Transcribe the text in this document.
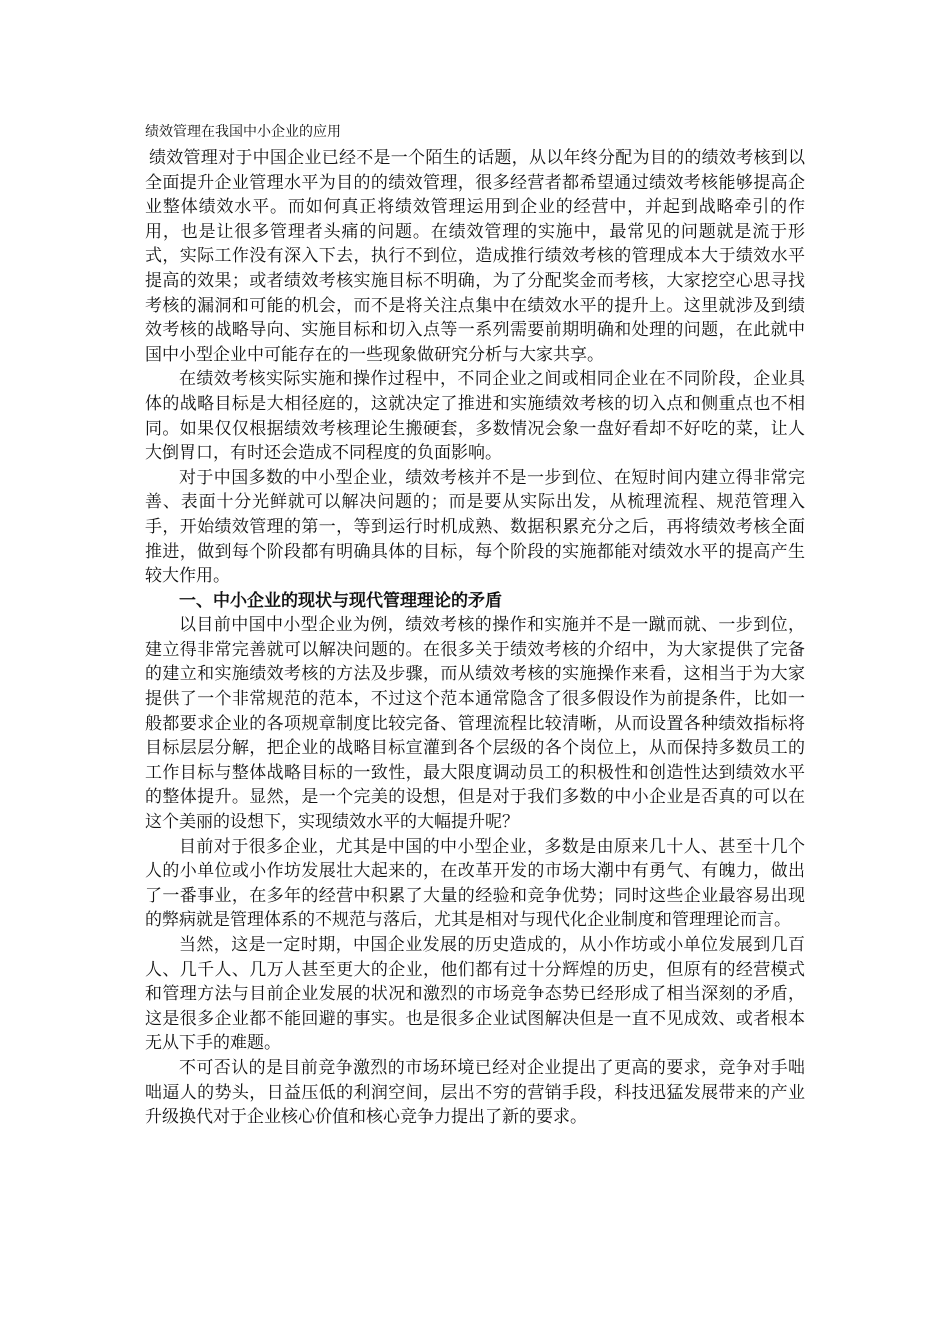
绩效管理在我国中小企业的应用

绩效管理对于中国企业已经不是一个陌生的话题，从以年终分配为目的的绩效考核到以全面提升企业管理水平为目的的绩效管理，很多经营者都希望通过绩效考核能够提高企业整体绩效水平。而如何真正将绩效管理运用到企业的经营中，并起到战略牵引的作用，也是让很多管理者头痛的问题。在绩效管理的实施中，最常见的问题就是流于形式，实际工作没有深入下去，执行不到位，造成推行绩效考核的管理成本大于绩效水平提高的效果；或者绩效考核实施目标不明确，为了分配奖金而考核，大家挖空心思寻找考核的漏洞和可能的机会，而不是将关注点集中在绩效水平的提升上。这里就涉及到绩效考核的战略导向、实施目标和切入点等一系列需要前期明确和处理的问题，在此就中国中小型企业中可能存在的一些现象做研究分析与大家共享。

在绩效考核实际实施和操作过程中，不同企业之间或相同企业在不同阶段，企业具体的战略目标是大相径庭的，这就决定了推进和实施绩效考核的切入点和侧重点也不相同。如果仅仅根据绩效考核理论生搬硬套，多数情况会象一盘好看却不好吃的菜，让人大倒胃口，有时还会造成不同程度的负面影响。

对于中国多数的中小型企业，绩效考核并不是一步到位、在短时间内建立得非常完善、表面十分光鲜就可以解决问题的；而是要从实际出发，从梳理流程、规范管理入手，开始绩效管理的第一，等到运行时机成熟、数据积累充分之后，再将绩效考核全面推进，做到每个阶段都有明确具体的目标，每个阶段的实施都能对绩效水平的提高产生较大作用。

一、中小企业的现状与现代管理理论的矛盾

以目前中国中小型企业为例，绩效考核的操作和实施并不是一蹴而就、一步到位，建立得非常完善就可以解决问题的。在很多关于绩效考核的介绍中，为大家提供了完备的建立和实施绩效考核的方法及步骤，而从绩效考核的实施操作来看，这相当于为大家提供了一个非常规范的范本，不过这个范本通常隐含了很多假设作为前提条件，比如一般都要求企业的各项规章制度比较完备、管理流程比较清晰，从而设置各种绩效指标将目标层层分解，把企业的战略目标宣灌到各个层级的各个岗位上，从而保持多数员工的工作目标与整体战略目标的一致性，最大限度调动员工的积极性和创造性达到绩效水平的整体提升。显然，是一个完美的设想，但是对于我们多数的中小企业是否真的可以在这个美丽的设想下，实现绩效水平的大幅提升呢？

目前对于很多企业，尤其是中国的中小型企业，多数是由原来几十人、甚至十几个人的小单位或小作坊发展壮大起来的，在改革开发的市场大潮中有勇气、有魄力，做出了一番事业，在多年的经营中积累了大量的经验和竞争优势；同时这些企业最容易出现的弊病就是管理体系的不规范与落后，尤其是相对与现代化企业制度和管理理论而言。

当然，这是一定时期，中国企业发展的历史造成的，从小作坊或小单位发展到几百人、几千人、几万人甚至更大的企业，他们都有过十分辉煌的历史，但原有的经营模式和管理方法与目前企业发展的状况和激烈的市场竞争态势已经形成了相当深刻的矛盾，这是很多企业都不能回避的事实。也是很多企业试图解决但是一直不见成效、或者根本无从下手的难题。

不可否认的是目前竞争激烈的市场环境已经对企业提出了更高的要求，竞争对手咄咄逼人的势头，日益压低的利润空间，层出不穷的营销手段，科技迅猛发展带来的产业升级换代对于企业核心价值和核心竞争力提出了新的要求。
